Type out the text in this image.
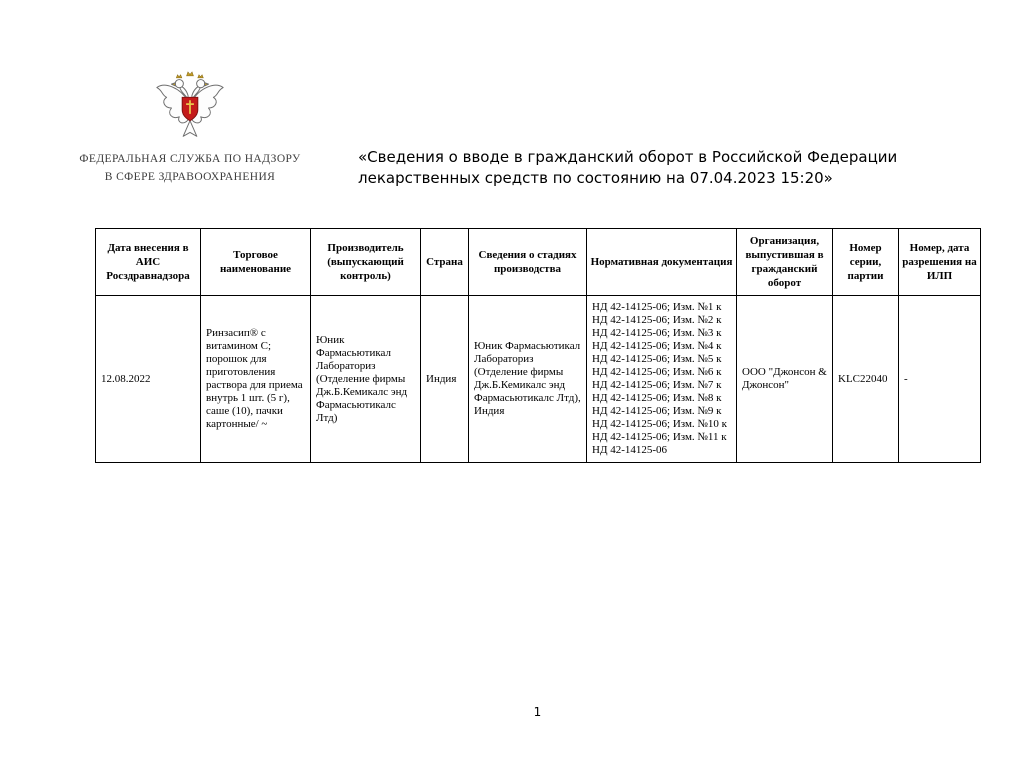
ФЕДЕРАЛЬНАЯ СЛУЖБА ПО НАДЗОРУ
В СФЕРЕ ЗДРАВООХРАНЕНИЯ
«Сведения о вводе в гражданский оборот в Российской Федерации лекарственных средств по состоянию на 07.04.2023 15:20»
Дата внесения в АИС Росздравнадзора	Торговое наименование	Производитель (выпускающий контроль)	Страна	Сведения о стадиях производства	Нормативная документация	Организация, выпустившая в гражданский оборот	Номер серии, партии	Номер, дата разрешения на ИЛП
12.08.2022	Ринзасип® с витамином C; порошок для приготовления раствора для приема внутрь 1 шт. (5 г), саше (10), пачки картонные/ ~	Юник Фармасьютикал Лабораториз (Отделение фирмы Дж.Б.Кемикалс энд Фармасьютикалс Лтд)	Индия	Юник Фармасьютикал Лабораториз (Отделение фирмы Дж.Б.Кемикалс энд Фармасьютикалс Лтд), Индия	НД 42-14125-06; Изм. №1 к НД 42-14125-06; Изм. №2 к НД 42-14125-06; Изм. №3 к НД 42-14125-06; Изм. №4 к НД 42-14125-06; Изм. №5 к НД 42-14125-06; Изм. №6 к НД 42-14125-06; Изм. №7 к НД 42-14125-06; Изм. №8 к НД 42-14125-06; Изм. №9 к НД 42-14125-06; Изм. №10 к НД 42-14125-06; Изм. №11 к НД 42-14125-06	ООО "Джонсон & Джонсон"	KLC22040	-
1
